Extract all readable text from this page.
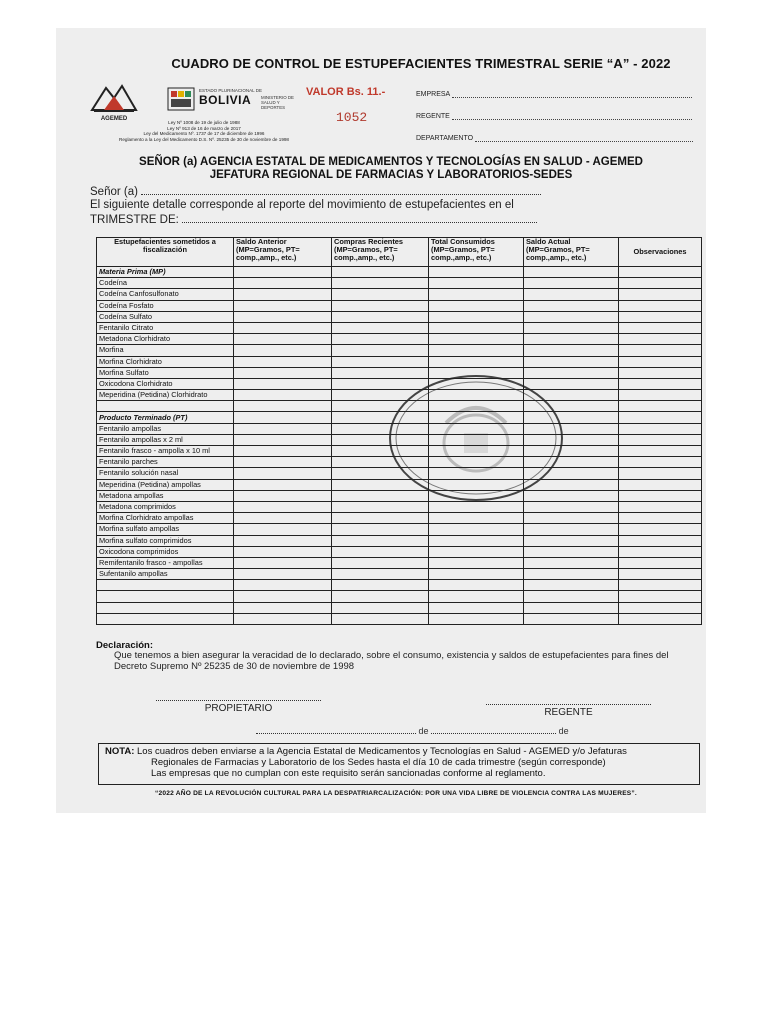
CUADRO DE CONTROL DE ESTUPEFACIENTES TRIMESTRAL SERIE “A” - 2022
AGEMED
ESTADO PLURINACIONAL DE
BOLIVIA MINISTERIO DE SALUD Y DEPORTES
Ley Nº 1008 de 19 de julio de 1988
Ley Nº 913 de 16 de marzo de 2017
Ley del Medicamento Nº. 1737 de 17 de diciembre de 1996
Reglamento a la Ley del Medicamento D.S. Nº. 25235 de 30 de noviembre de 1998
VALOR Bs. 11.-
1052
EMPRESA
REGENTE
DEPARTAMENTO
SEÑOR (a) AGENCIA ESTATAL DE MEDICAMENTOS Y TECNOLOGÍAS EN SALUD - AGEMED
JEFATURA REGIONAL DE FARMACIAS Y LABORATORIOS-SEDES
Señor (a)
El siguiente detalle corresponde al reporte del movimiento de estupefacientes en el
TRIMESTRE DE:
Estupefacientes sometidos a fiscalización	Saldo Anterior (MP=Gramos, PT= comp.,amp., etc.)	Compras Recientes (MP=Gramos, PT= comp.,amp., etc.)	Total Consumidos (MP=Gramos, PT= comp.,amp., etc.)	Saldo Actual (MP=Gramos, PT= comp.,amp., etc.)	Observaciones
Materia Prima (MP)					
Codeína					
Codeína Canfosulfonato					
Codeína Fosfato					
Codeína Sulfato					
Fentanilo Citrato					
Metadona Clorhidrato					
Morfina					
Morfina Clorhidrato					
Morfina Sulfato					
Oxicodona Clorhidrato					
Meperidina (Petidina) Clorhidrato					

Producto Terminado (PT)					
Fentanilo ampollas					
Fentanilo ampollas x 2 ml					
Fentanilo frasco - ampolla x 10 ml					
Fentanilo parches					
Fentanilo solución nasal					
Meperidina (Petidina) ampollas					
Metadona ampollas					
Metadona comprimidos					
Morfina Clorhidrato ampollas					
Morfina sulfato ampollas					
Morfina sulfato comprimidos					
Oxicodona comprimidos					
Remifentanilo frasco - ampollas					
Sufentanilo ampollas					

Declaración:
Que tenemos a bien asegurar la veracidad de lo declarado, sobre el consumo, existencia y saldos de estupefacientes para fines del Decreto Supremo Nº 25235 de 30 de noviembre de 1998
PROPIETARIO	REGENTE
de	de
NOTA: Los cuadros deben enviarse a la Agencia Estatal de Medicamentos y Tecnologías en Salud - AGEMED y/o Jefaturas
Regionales de Farmacias y Laboratorio de los Sedes hasta el día 10 de cada trimestre (según corresponde)
Las empresas que no cumplan con este requisito serán sancionadas conforme al reglamento.
“2022 AÑO DE LA REVOLUCIÓN CULTURAL PARA LA DESPATRIARCALIZACIÓN: POR UNA VIDA LIBRE DE VIOLENCIA CONTRA LAS MUJERES”.
